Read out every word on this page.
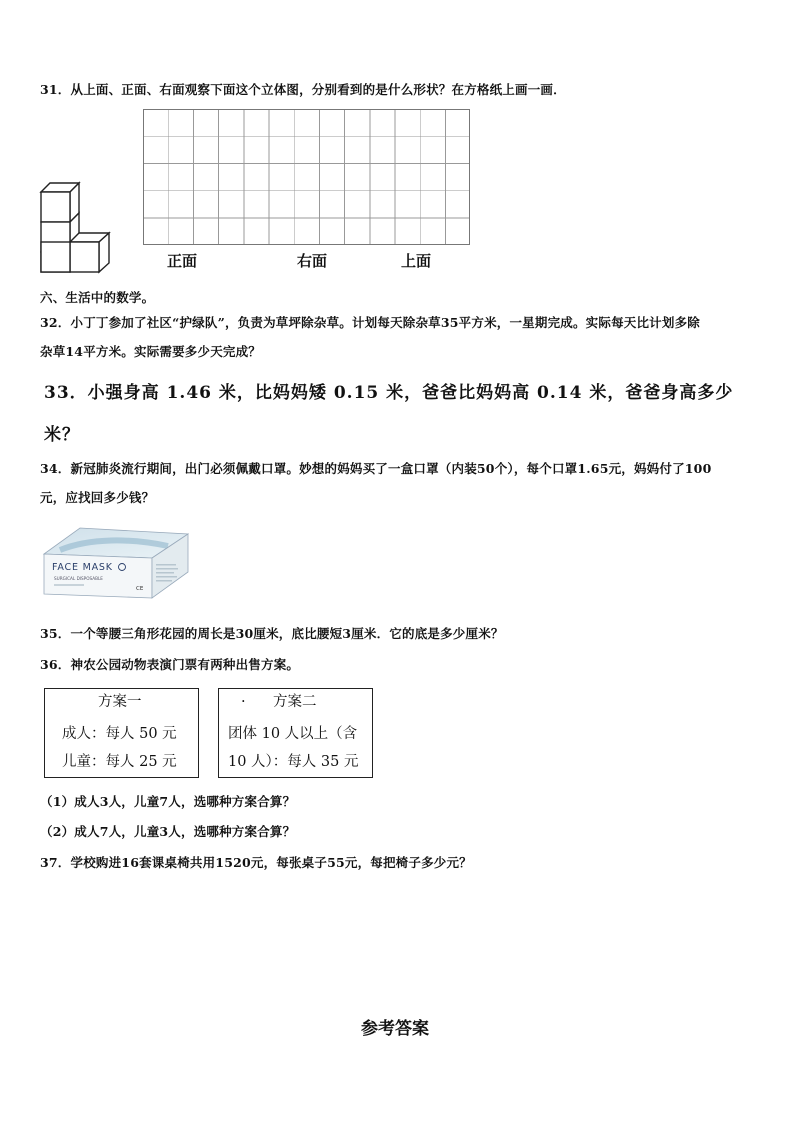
31．从上面、正面、右面观察下面这个立体图，分别看到的是什么形状？在方格纸上画一画．
正面	右面	上面
六、生活中的数学。
32．小丁丁参加了社区“护绿队”，负责为草坪除杂草。计划每天除杂草35平方米，一星期完成。实际每天比计划多除
杂草14平方米。实际需要多少天完成？
33．小强身高 1.46 米，比妈妈矮 0.15 米，爸爸比妈妈高 0.14 米，爸爸身高多少
米？
34．新冠肺炎流行期间，出门必须佩戴口罩。妙想的妈妈买了一盒口罩（内装50个），每个口罩1.65元，妈妈付了100
元，应找回多少钱？
FACE MASK
SURGICAL DISPOSABLE
CE
35．一个等腰三角形花园的周长是30厘米，底比腰短3厘米．它的底是多少厘米？
36．神农公园动物表演门票有两种出售方案。
方案一
成人：每人 50 元
儿童：每人 25 元
· 方案二
团体 10 人以上（含
10 人）：每人 35 元
（1）成人3人，儿童7人，选哪种方案合算？
（2）成人7人，儿童3人，选哪种方案合算？
37．学校购进16套课桌椅共用1520元，每张桌子55元，每把椅子多少元？
参考答案
